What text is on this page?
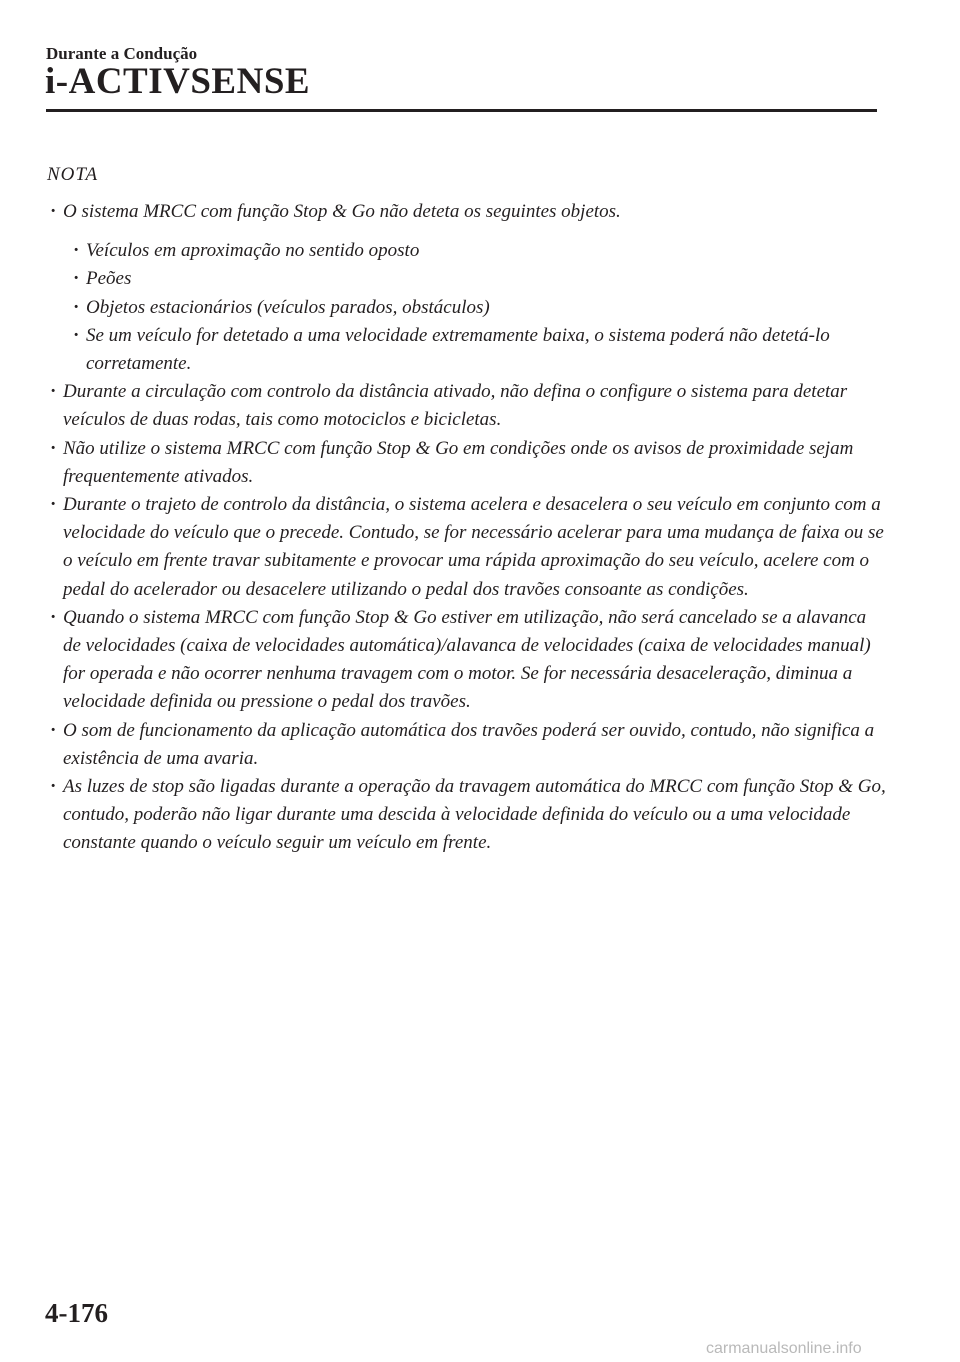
Durante a Condução
i-ACTIVSENSE
NOTA

· O sistema MRCC com função Stop & Go não deteta os seguintes objetos.

· Veículos em aproximação no sentido oposto

· Peões

· Objetos estacionários (veículos parados, obstáculos)

· Se um veículo for detetado a uma velocidade extremamente baixa, o sistema poderá não detetá-lo corretamente.

· Durante a circulação com controlo da distância ativado, não defina o configure o sistema para detetar veículos de duas rodas, tais como motociclos e bicicletas.

· Não utilize o sistema MRCC com função Stop & Go em condições onde os avisos de proximidade sejam frequentemente ativados.

· Durante o trajeto de controlo da distância, o sistema acelera e desacelera o seu veículo em conjunto com a velocidade do veículo que o precede. Contudo, se for necessário acelerar para uma mudança de faixa ou se o veículo em frente travar subitamente e provocar uma rápida aproximação do seu veículo, acelere com o pedal do acelerador ou desacelere utilizando o pedal dos travões consoante as condições.

· Quando o sistema MRCC com função Stop & Go estiver em utilização, não será cancelado se a alavanca de velocidades (caixa de velocidades automática)/alavanca de velocidades (caixa de velocidades manual) for operada e não ocorrer nenhuma travagem com o motor. Se for necessária desaceleração, diminua a velocidade definida ou pressione o pedal dos travões.

· O som de funcionamento da aplicação automática dos travões poderá ser ouvido, contudo, não significa a existência de uma avaria.

· As luzes de stop são ligadas durante a operação da travagem automática do MRCC com função Stop & Go, contudo, poderão não ligar durante uma descida à velocidade definida do veículo ou a uma velocidade constante quando o veículo seguir um veículo em frente.

4-176
carmanualsonline.info
